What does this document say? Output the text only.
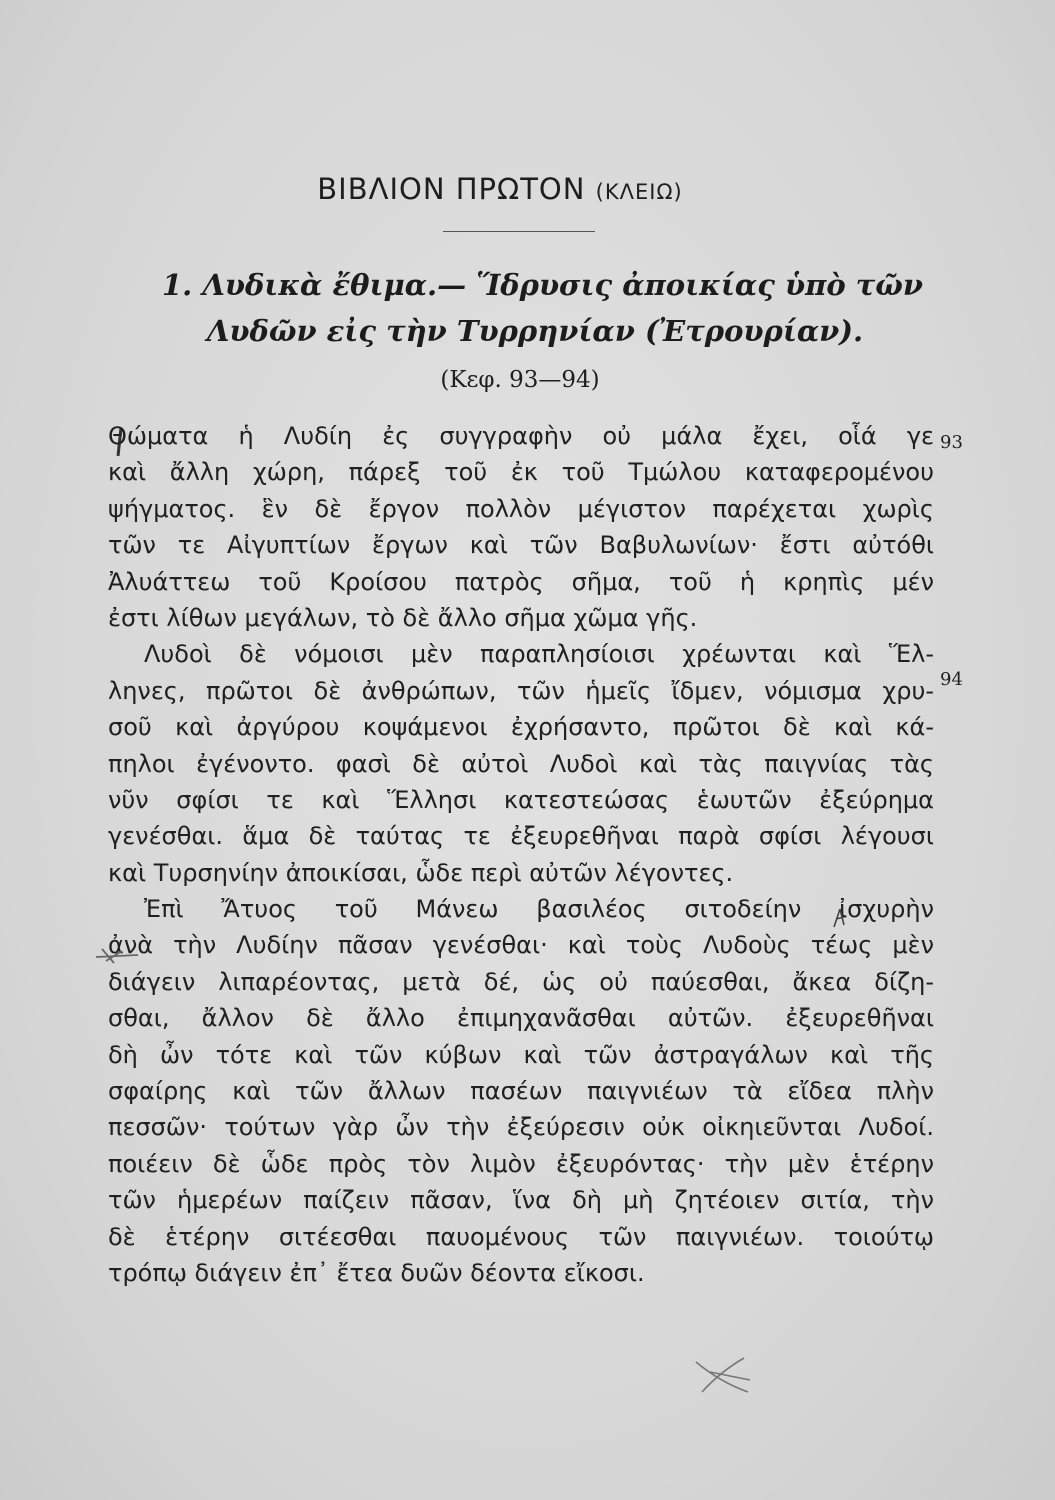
ΒΙΒΛΙΟΝ ΠΡΩΤΟΝ (ΚΛΕΙΩ)
1. Λυδικὰ ἔθιμα.— Ἵδρυσις ἀποικίας ὑπὸ τῶν
Λυδῶν εἰς τὴν Τυρρηνίαν (Ἐτρουρίαν).
(Κεφ. 93—94)
Θώματα ἡ Λυδίη ἐς συγγραφὴν οὐ μάλα ἔχει, οἷά γε
καὶ ἄλλη χώρη, πάρεξ τοῦ ἐκ τοῦ Τμώλου καταφερομένου
ψήγματος. ἓν δὲ ἔργον πολλὸν μέγιστον παρέχεται χωρὶς
τῶν τε Αἰγυπτίων ἔργων καὶ τῶν Βαβυλωνίων· ἔστι αὐτόθι
Ἀλυάττεω τοῦ Κροίσου πατρὸς σῆμα, τοῦ ἡ κρηπὶς μέν
ἐστι λίθων μεγάλων, τὸ δὲ ἄλλο σῆμα χῶμα γῆς.
Λυδοὶ δὲ νόμοισι μὲν παραπλησίοισι χρέωνται καὶ Ἕλ-
ληνες, πρῶτοι δὲ ἀνθρώπων, τῶν ἡμεῖς ἴδμεν, νόμισμα χρυ-
σοῦ καὶ ἀργύρου κοψάμενοι ἐχρήσαντο, πρῶτοι δὲ καὶ κά-
πηλοι ἐγένοντο. φασὶ δὲ αὐτοὶ Λυδοὶ καὶ τὰς παιγνίας τὰς
νῦν σφίσι τε καὶ Ἕλλησι κατεστεώσας ἑωυτῶν ἐξεύρημα
γενέσθαι. ἅμα δὲ ταύτας τε ἐξευρεθῆναι παρὰ σφίσι λέγουσι
καὶ Τυρσηνίην ἀποικίσαι, ὧδε περὶ αὐτῶν λέγοντες.
Ἐπὶ Ἄτυος τοῦ Μάνεω βασιλέος σιτοδείην ἰσχυρὴν
ἀνὰ τὴν Λυδίην πᾶσαν γενέσθαι· καὶ τοὺς Λυδοὺς τέως μὲν
διάγειν λιπαρέοντας, μετὰ δέ, ὡς οὐ παύεσθαι, ἄκεα δίζη-
σθαι, ἄλλον δὲ ἄλλο ἐπιμηχανᾶσθαι αὐτῶν. ἐξευρεθῆναι
δὴ ὦν τότε καὶ τῶν κύβων καὶ τῶν ἀστραγάλων καὶ τῆς
σφαίρης καὶ τῶν ἄλλων πασέων παιγνιέων τὰ εἴδεα πλὴν
πεσσῶν· τούτων γὰρ ὦν τὴν ἐξεύρεσιν οὐκ οἰκηιεῦνται Λυδοί.
ποιέειν δὲ ὧδε πρὸς τὸν λιμὸν ἐξευρόντας· τὴν μὲν ἑτέρην
τῶν ἡμερέων παίζειν πᾶσαν, ἵνα δὴ μὴ ζητέοιεν σιτία, τὴν
δὲ ἑτέρην σιτέεσθαι παυομένους τῶν παιγνιέων. τοιούτῳ
τρόπῳ διάγειν ἐπ᾽ ἔτεα δυῶν δέοντα εἴκοσι.
93
94
